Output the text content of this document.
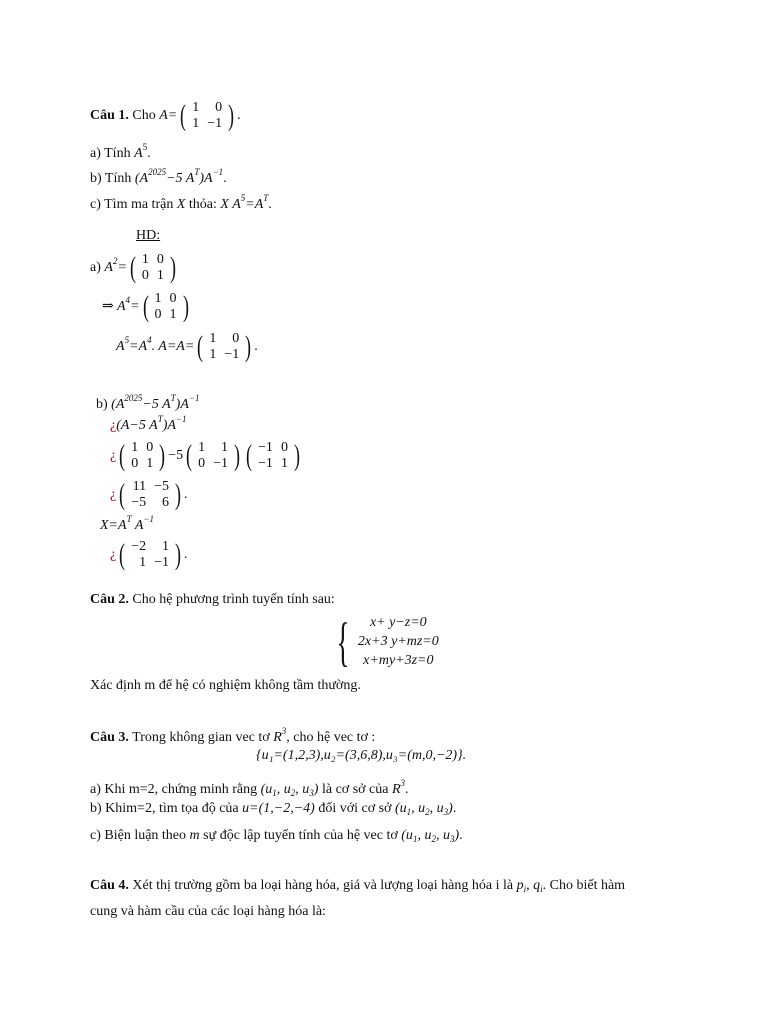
Câu 1. Cho A= ( 1	0
1	−1 ) .
a) Tính $A^5$.
b) Tính ($A^{2025}-5$ $A^T)A^{-1}$.
c) Tìm ma trận X thỏa: X $A^5=A^T$.
HD:
a) $A^2=$ ( 1	0
0	1 )
⇒ $A^4=$ ( 1	0
0	1 )
$A^5=A^4$. A=A= ( 1	0
1	−1 ) .
b) ($A^{2025}-5$ $A^T)A^{-1}$
¿(A−5 $A^T)A^{-1}$
¿ ( 1	0
0	1 ) −5 ( 1	1
0	−1 ) ( −1	0
−1	1 )
¿ ( 11	−5
−5	6 ) .
$X=A^T$ $A^{-1}$
¿ ( −2	1
1	−1 ) .
Câu 2. Cho hệ phương trình tuyến tính sau:
{ x+ y−z=0
2x+3 y+mz=0
x+my+3z=0
Xác định m để hệ có nghiệm không tầm thường.
Câu 3. Trong không gian vec tơ $R^3$, cho hệ vec tơ :
{u₁=(1,2,3),u₂=(3,6,8),u₃=(m,0,−2)}.
a) Khi m=2, chứng minh rằng ($u_1$, $u_2$, $u_3$) là cơ sở của $R^3$.
b) Khim=2, tìm tọa độ của u=(1,−2,−4) đối với cơ sở ($u_1$, $u_2$, $u_3$).
c) Biện luận theo m sự độc lập tuyến tính của hệ vec tơ ($u_1$, $u_2$, $u_3$).
Câu 4. Xét thị trường gồm ba loại hàng hóa, giá và lượng loại hàng hóa i là $p_i$, $q_i$. Cho biết hàm
cung và hàm cầu của các loại hàng hóa là:
